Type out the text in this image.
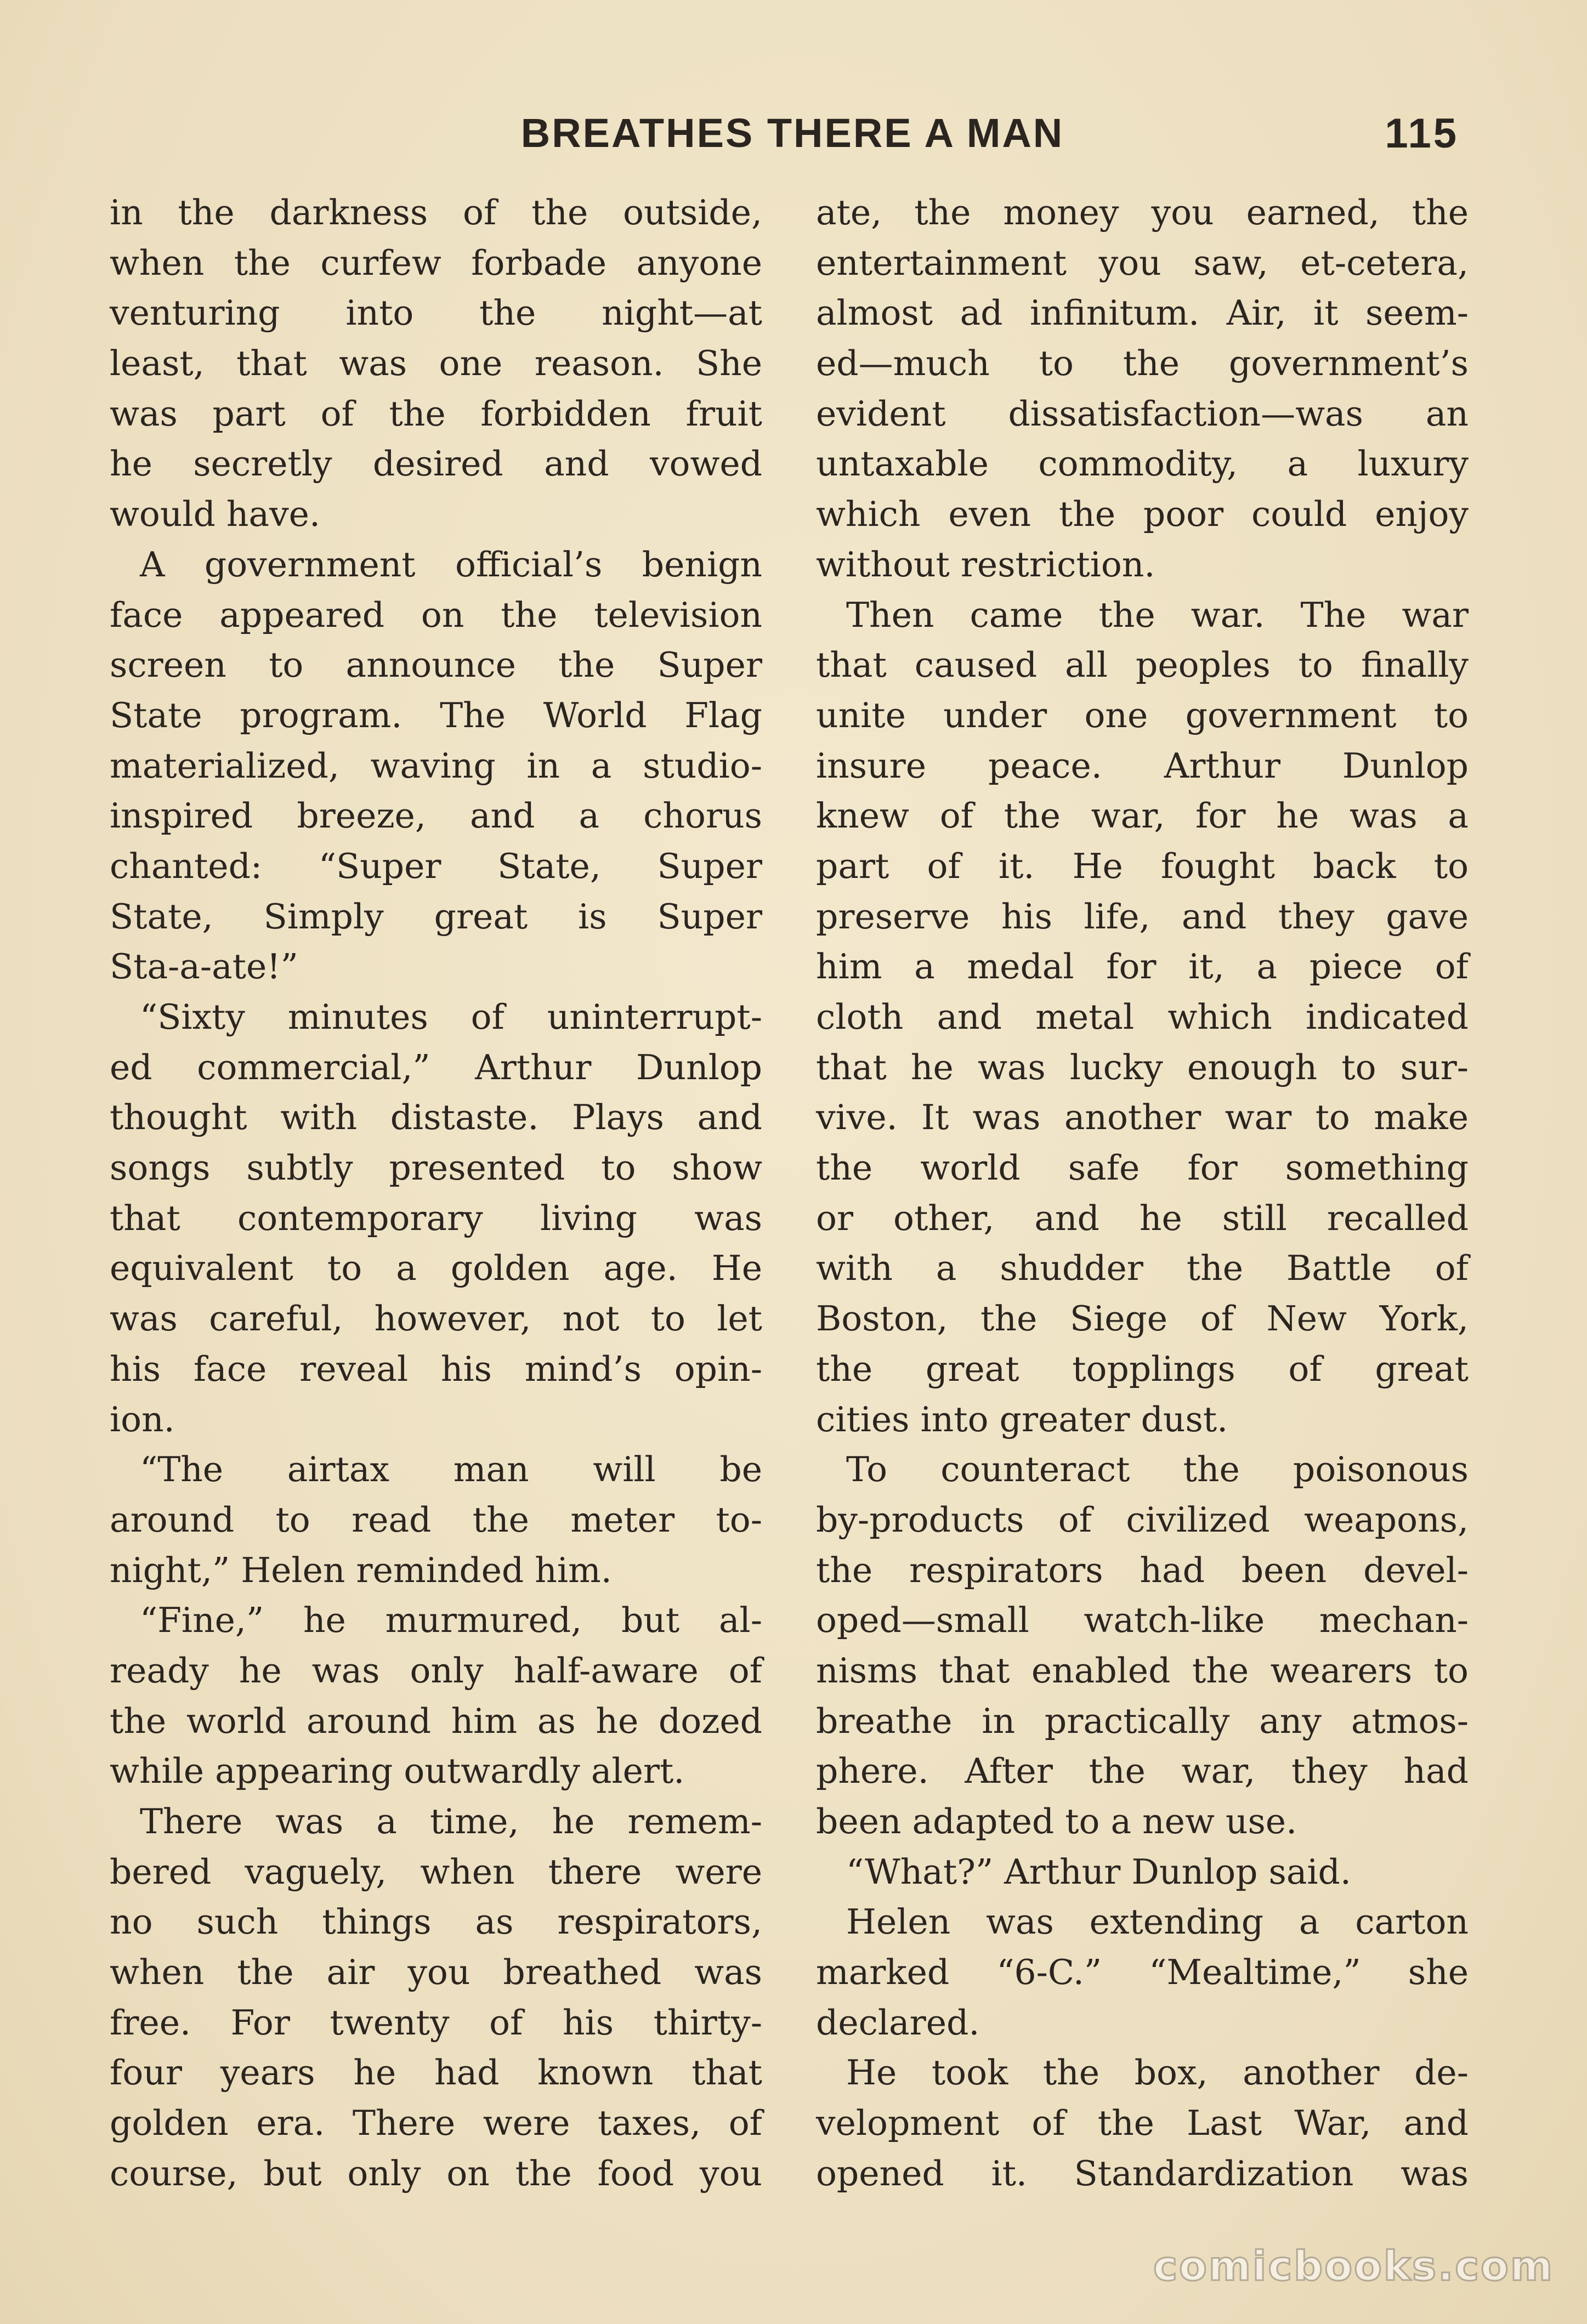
BREATHES THERE A MAN	115
in the darkness of the outside,
when the curfew forbade anyone
venturing into the night—at
least, that was one reason. She
was part of the forbidden fruit
he secretly desired and vowed
would have.
A government official’s benign
face appeared on the television
screen to announce the Super
State program. The World Flag
materialized, waving in a studio-
inspired breeze, and a chorus
chanted: “Super State, Super
State, Simply great is Super
Sta-a-ate!”
“Sixty minutes of uninterrupt-
ed commercial,” Arthur Dunlop
thought with distaste. Plays and
songs subtly presented to show
that contemporary living was
equivalent to a golden age. He
was careful, however, not to let
his face reveal his mind’s opin-
ion.
“The airtax man will be
around to read the meter to-
night,” Helen reminded him.
“Fine,” he murmured, but al-
ready he was only half-aware of
the world around him as he dozed
while appearing outwardly alert.
There was a time, he remem-
bered vaguely, when there were
no such things as respirators,
when the air you breathed was
free. For twenty of his thirty-
four years he had known that
golden era. There were taxes, of
course, but only on the food you
ate, the money you earned, the
entertainment you saw, et-cetera,
almost ad infinitum. Air, it seem-
ed—much to the government’s
evident dissatisfaction—was an
untaxable commodity, a luxury
which even the poor could enjoy
without restriction.
Then came the war. The war
that caused all peoples to finally
unite under one government to
insure peace. Arthur Dunlop
knew of the war, for he was a
part of it. He fought back to
preserve his life, and they gave
him a medal for it, a piece of
cloth and metal which indicated
that he was lucky enough to sur-
vive. It was another war to make
the world safe for something
or other, and he still recalled
with a shudder the Battle of
Boston, the Siege of New York,
the great topplings of great
cities into greater dust.
To counteract the poisonous
by-products of civilized weapons,
the respirators had been devel-
oped—small watch-like mechan-
nisms that enabled the wearers to
breathe in practically any atmos-
phere. After the war, they had
been adapted to a new use.
“What?” Arthur Dunlop said.
Helen was extending a carton
marked “6-C.” “Mealtime,” she
declared.
He took the box, another de-
velopment of the Last War, and
opened it. Standardization was
comicbooks.com
